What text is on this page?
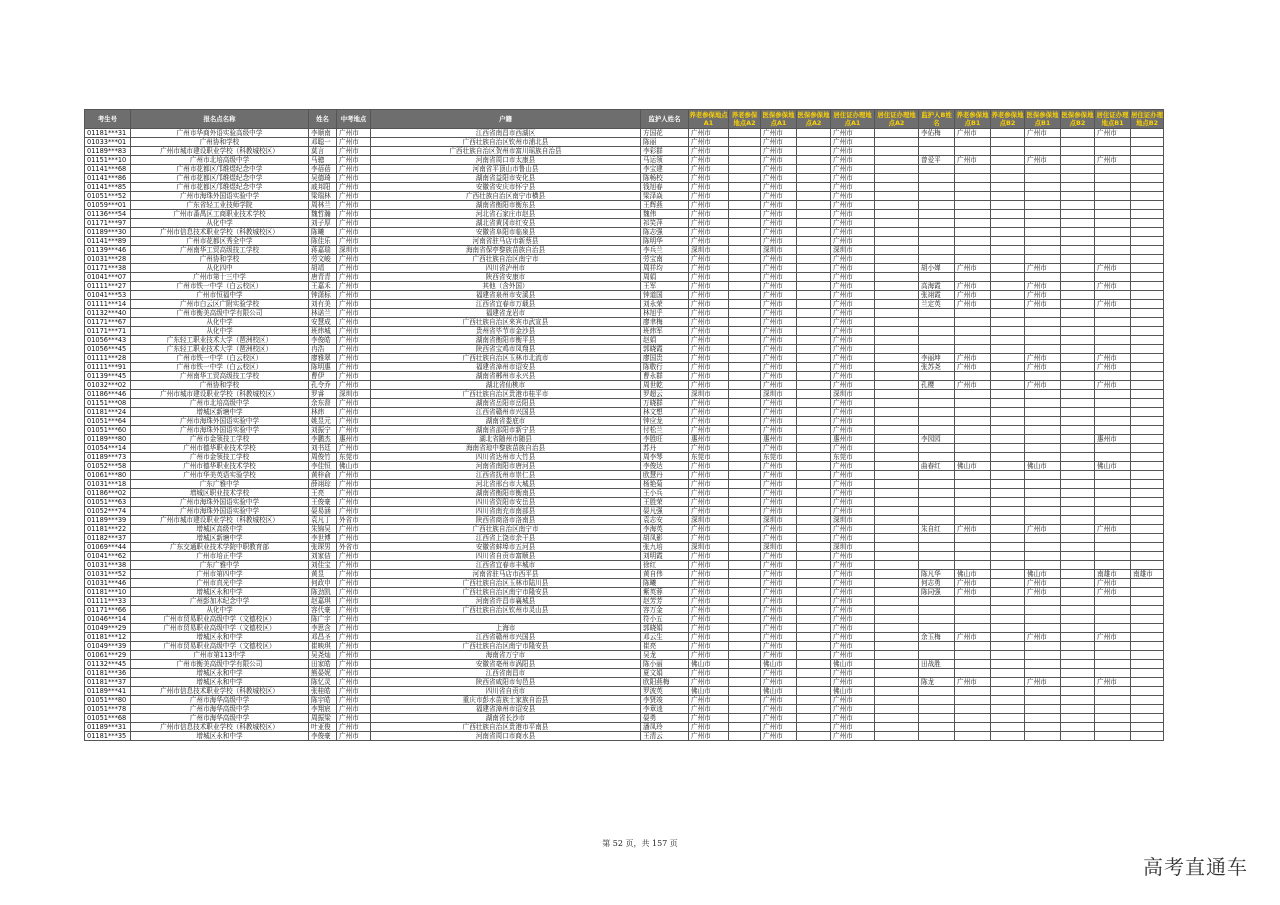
考生号	报名点名称	姓名	中考地点	户籍	监护人姓名	养老参保地点A1	养老参保地点A2	医保参保地点A1	医保参保地点A2	居住证办理地点A1	居住证办理地点A2	监护人B姓名	养老参保地点B1	养老参保地点B2	医保参保地点B1	医保参保地点B2	居住证办理地点B1	居住证办理地点B2
01181***31	广州市华商外语实验高级中学	李顺南	广州市	江西省南昌市西湖区	方国花	广州市		广州市		广州市		李佑梅	广州市		广州市		广州市	
01033***01	广州协和学校	邓聪一	广州市	广西壮族自治区钦州市浦北县	陈丽	广州市		广州市		广州市								
01189***83	广州市城市建设职业学校（科教城校区）	莫言	广州市	广西壮族自治区贺州市富川瑶族自治县	李彩群	广州市		广州市		广州市								
01151***10	广州市北培高级中学	马骢	广州市	河南省周口市太康县	马运领	广州市		广州市		广州市		曾爱平	广州市		广州市		广州市	
01141***68	广州市花都区邝维煜纪念中学	李蓓蓓	广州市	河南省平顶山市鲁山县	李宝建	广州市		广州市		广州市								
01141***86	广州市花都区邝维煜纪念中学	吴德琦	广州市	湖南省益阳市安化县	陈畅校	广州市		广州市		广州市								
01141***85	广州市花都区邝维煜纪念中学	戚邦阳	广州市	安徽省安庆市怀宁县	钱旭春	广州市		广州市		广州市								
01051***52	广州市海珠外国语实验中学	梁瑞林	广州市	广西壮族自治区南宁市横县	梁泽焱	广州市		广州市		广州市								
01059***01	广东省轻工业技师学院	周林兰	广州市	湖南省衡阳市衡东县	王辉燕	广州市		广州市		广州市								
01136***54	广州市番禺区工商职业技术学校	魏哲瀚	广州市	河北省石家庄市赵县	魏伟	广州市		广州市		广州市								
01171***97	从化中学	刘子厚	广州市	湖北省黄冈市红安县	祁笑萍	广州市		广州市		广州市								
01189***30	广州市信息技术职业学校（科教城校区）	陈曦	广州市	安徽省阜阳市临泉县	陈志强	广州市		广州市		广州市								
01141***89	广州市花都区秀全中学	陈佳乐	广州市	河南省驻马店市新蔡县	陈明华	广州市		广州市		广州市								
01139***46	广州南华工贸高级技工学校	蒋嘉瑞	深圳市	海南省保亭黎族苗族自治县	李兵兰	深圳市		深圳市		深圳市								
01031***28	广州协和学校	劳文峻	广州市	广西壮族自治区南宁市	劳宝南	广州市		广州市		广州市								
01171***38	从化四中	胡靖	广州市	四川省泸州市	周祥均	广州市		广州市		广州市		胡小婵	广州市		广州市		广州市	
01041***07	广州市第十三中学	唐青青	广州市	陕西省安康市	周娟	广州市		广州市		广州市								
01111***27	广州市铁一中学（白云校区）	王嘉禾	广州市	其他（含外国）	王军	广州市		广州市		广州市		高海霞	广州市		广州市		广州市	
01041***53	广州市恒福中学	钟潇标	广州市	福建省泉州市安溪县	钟道国	广州市		广州市		广州市		张翊霞	广州市		广州市			
01111***14	广州市白云区广附实验学校	刘有美	广州市	江西省宜春市万载县	刘永荣	广州市		广州市		广州市		兰定英	广州市		广州市		广州市	
01132***40	广州市衡美高级中学有限公司	林诺兰	广州市	福建省龙岩市	林旭乎	广州市		广州市		广州市								
01171***67	从化中学	安慧成	广州市	广西壮族自治区来宾市武宣县	廖聿梅	广州市		广州市		广州市								
01171***71	从化中学	班炜城	广州市	贵州省毕节市金沙县	班炜军	广州市		广州市		广州市								
01056***43	广东轻工职业技术大学（琶洲校区）	李俊皓	广州市	湖南省衡阳市衡平县	赵娟	广州市		广州市		广州市								
01056***45	广东轻工职业技术大学（琶洲校区）	冉浩	广州市	陕西省宝鸡市凤翔县	郭晓霞	广州市		广州市		广州市								
01111***28	广州市铁一中学（白云校区）	廖雅翠	广州市	广西壮族自治区玉林市北流市	廖国贵	广州市		广州市		广州市		李丽坤	广州市		广州市		广州市	
01111***91	广州市铁一中学（白云校区）	陈明惠	广州市	福建省漳州市诏安县	陈敬行	广州市		广州市		广州市		张苏尧	广州市		广州市		广州市	
01139***45	广州南华工贸高级技工学校	曹伊	广州市	湖南省郴州市永兴县	曹永群	广州市		广州市		广州市								
01032***02	广州协和学校	孔令乔	广州市	湖北省仙桃市	周世乾	广州市		广州市		广州市		孔樱	广州市		广州市		广州市	
01186***46	广州市城市建设职业学校（科教城校区）	罗睿	深圳市	广西壮族自治区贵港市桂平市	罗超云	深圳市		深圳市		深圳市								
01151***08	广州市北培高级中学	余东督	广州市	湖南省岳阳市岳阳县	万晓群	广州市		广州市		广州市								
01181***24	增城区新塘中学	林炜	广州市	江西省赣州市兴国县	林文想	广州市		广州市		广州市								
01051***64	广州市海珠外国语实验中学	姚昱元	广州市	湖南省娄底市	钟应龙	广州市		广州市		广州市								
01051***60	广州市海珠外国语实验中学	刘振宁	广州市	湖南省邵阳市新宁县	付松兰	广州市		广州市		广州市								
01189***80	广州市金领技工学校	李鹏杰	惠州市	湖北省随州市随县	李胜旺	惠州市		惠州市		惠州市		李园园					惠州市	
01054***14	广州市德华职业技术学校	刘书廷	广州市	海南省琼中黎族苗族自治县	苏丹	广州市		广州市		广州市								
01189***73	广州市金领技工学校	周俊竹	东莞市	四川省达州市大竹县	周李琴	东莞市		东莞市		东莞市								
01052***58	广州市德华职业技术学校	李佳恒	佛山市	河南省南阳市唐河县	李俊达	广州市		广州市		广州市		曲春红	佛山市		佛山市		佛山市	
01061***80	广州市华美英语实验学校	黄梓俞	广州市	江西省抚州市崇仁县	欧慧丹	广州市		广州市		广州市								
01031***18	广东广雅中学	薛翊琮	广州市	河北省邢台市大城县	杨艳菊	广州市		广州市		广州市								
01186***02	增城区职业技术学校	王亮	广州市	湖南省衡阳市衡南县	王小兵	广州市		广州市		广州市								
01051***63	广州市海珠外国语实验中学	王俊豪	广州市	四川省资阳市安岳县	王胜荣	广州市		广州市		广州市								
01052***74	广州市海珠外国语实验中学	晏易涵	广州市	四川省南充市南部县	晏凡强	广州市		广州市		广州市								
01189***39	广州市城市建设职业学校（科教城校区）	袁凡丁	外省市	陕西省商洛市洛南县	袁志安	深圳市		深圳市		深圳市								
01181***22	增城区高级中学	朱锦吴	广州市	广西壮族自治区南宁市	李海英	广州市		广州市		广州市		朱自红	广州市		广州市		广州市	
01182***37	增城区新塘中学	李世博	广州市	江西省上饶市余干县	胡凤影	广州市		广州市		广州市								
01069***44	广东交通职业技术学院中职教育部	张琛男	外省市	安徽省蚌埠市五河县	张九培	深圳市		深圳市		深圳市								
01041***62	广州市培正中学	刘家佶	广州市	四川省自贡市富顺县	刘明霞	广州市		广州市		广州市								
01031***38	广东广雅中学	刘佳宝	广州市	江西省宜春市丰城市	徐红	广州市		广州市		广州市								
01031***52	广州市第四中学	黄昱	广州市	河南省驻马店市西平县	黄自伟	广州市		广州市		广州市		陈凡华	佛山市		佛山市		南雄市	南雄市
01031***46	广州市真光中学	何政申	广州市	广西壮族自治区玉林市陆川县	陈曦	广州市		广州市		广州市		何志勇	广州市		广州市		广州市	
01181***10	增城区永和中学	陈劲凯	广州市	广西壮族自治区南宁市隆安县	紫英蓉	广州市		广州市		广州市		陈同强	广州市		广州市		广州市	
01111***33	广州彭加木纪念中学	赵嘉琪	广州市	河南省许昌市襄城县	赵芳芳	广州市		广州市		广州市								
01171***66	从化中学	容代豪	广州市	广西壮族自治区钦州市灵山县	容万金	广州市		广州市		广州市								
01046***14	广州市贸易职业高级中学（文德校区）	陈广宇	广州市		符小五	广州市		广州市		广州市								
01049***29	广州市贸易职业高级中学（文德校区）	李思含	广州市	上海市	郭晓娟	广州市		广州市		广州市								
01181***12	增城区永和中学	邓昌圣	广州市	江西省赣州市兴国县	邓云生	广州市		广州市		广州市		余玉梅	广州市		广州市		广州市	
01049***39	广州市贸易职业高级中学（文德校区）	崔映琪	广州市	广西壮族自治区南宁市隆安县	崔亮	广州市		广州市		广州市								
01061***29	广州市第113中学	吴尧灿	广州市	海南省万宁市	吴龙	广州市		广州市		广州市								
01132***45	广州市衡美高级中学有限公司	田家皓	广州市	安徽省亳州市涡阳县	陈小丽	佛山市		佛山市		佛山市		田战胜						
01181***36	增城区永和中学	熊晏妮	广州市	江西省南昌市	夏文娟	广州市		广州市		广州市								
01181***37	增城区永和中学	陈忆灵	广州市	陕西省咸阳市旬邑县	欧阳燕梅	广州市		广州市		广州市		陈龙	广州市		广州市		广州市	
01189***41	广州市信息技术职业学校（科教城校区）	张桂皓	广州市	四川省自贡市	罗波英	佛山市		佛山市		佛山市								
01051***80	广州市海华高级中学	陈宇皓	广州市	重庆市彭水苗族土家族自治县	李贤竣	广州市		广州市		广州市								
01051***78	广州市海华高级中学	李翔宸	广州市	福建省漳州市诏安县	李章逵	广州市		广州市		广州市								
01051***68	广州市海华高级中学	周振梁	广州市	湖南省长沙市	晏勇	广州市		广州市		广州市								
01189***31	广州市信息技术职业学校（科教城校区）	叶亚俊	广州市	广西壮族自治区贵港市平南县	潘凤玲	广州市		广州市		广州市								
01181***35	增城区永和中学	李俊豪	广州市	河南省周口市商水县	王清云	广州市		广州市		广州市								
第 52 页，共 157 页
高考直通车
